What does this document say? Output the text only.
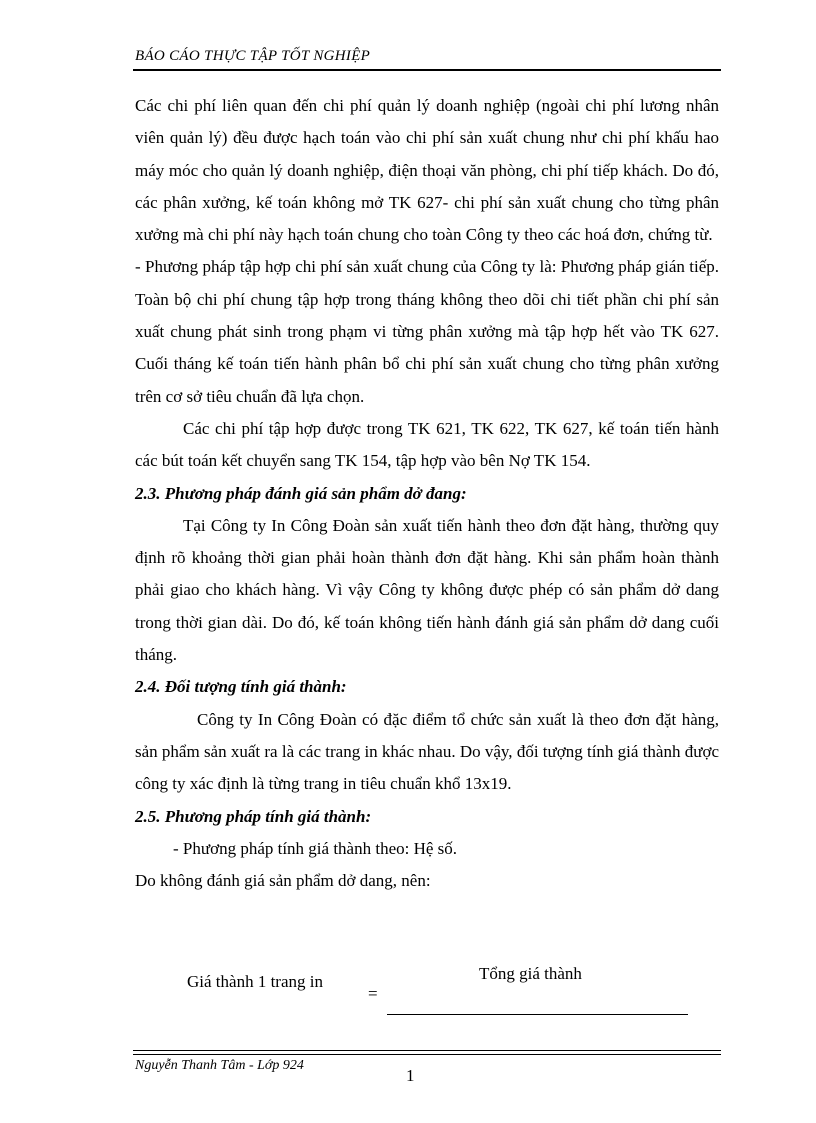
BÁO CÁO THỰC TẬP TỐT NGHIỆP

Các chi phí liên quan đến chi phí quản lý doanh nghiệp (ngoài chi phí lương nhân viên quản lý) đều được hạch toán vào chi phí sản xuất chung như chi phí khấu hao máy móc cho quản lý doanh nghiệp, điện thoại văn phòng, chi phí tiếp khách. Do đó, các phân xưởng, kế toán không mở TK 627- chi phí sản xuất chung cho từng phân xưởng mà chi phí này hạch toán chung cho toàn Công ty theo các hoá đơn, chứng từ.

- Phương pháp tập hợp chi phí sản xuất chung của Công ty là: Phương pháp gián tiếp. Toàn bộ chi phí chung tập hợp trong tháng không theo dõi chi tiết phần chi phí sản xuất chung phát sinh trong phạm vi từng phân xưởng mà tập hợp hết vào TK 627. Cuối tháng kế toán tiến hành phân bổ chi phí sản xuất chung cho từng phân xưởng trên cơ sở tiêu chuẩn đã lựa chọn.

Các chi phí tập hợp được trong TK 621, TK 622, TK 627, kế toán tiến hành các bút toán kết chuyển sang TK 154, tập hợp vào bên Nợ TK 154.

2.3. Phương pháp đánh giá sản phẩm dở đang:

Tại Công ty In Công Đoàn sản xuất tiến hành theo đơn đặt hàng, thường quy định rõ khoảng thời gian phải hoàn thành đơn đặt hàng. Khi sản phẩm hoàn thành phải giao cho khách hàng. Vì vậy Công ty không được phép có sản phẩm dở dang trong thời gian dài. Do đó, kế toán không tiến hành đánh giá sản phẩm dở dang cuối tháng.

2.4. Đối tượng tính giá thành:

Công ty In Công Đoàn có đặc điểm tổ chức sản xuất là theo đơn đặt hàng, sản phẩm sản xuất ra là các trang in khác nhau. Do vậy, đối tượng tính giá thành được công ty xác định là từng trang in tiêu chuẩn khổ 13x19.

2.5. Phương pháp tính giá thành:

- Phương pháp tính giá thành theo: Hệ số.

Do không đánh giá sản phẩm dở dang, nên:

Giá thành 1 trang in
=
Tổng giá thành
Nguyễn Thanh Tâm - Lớp 924
1
